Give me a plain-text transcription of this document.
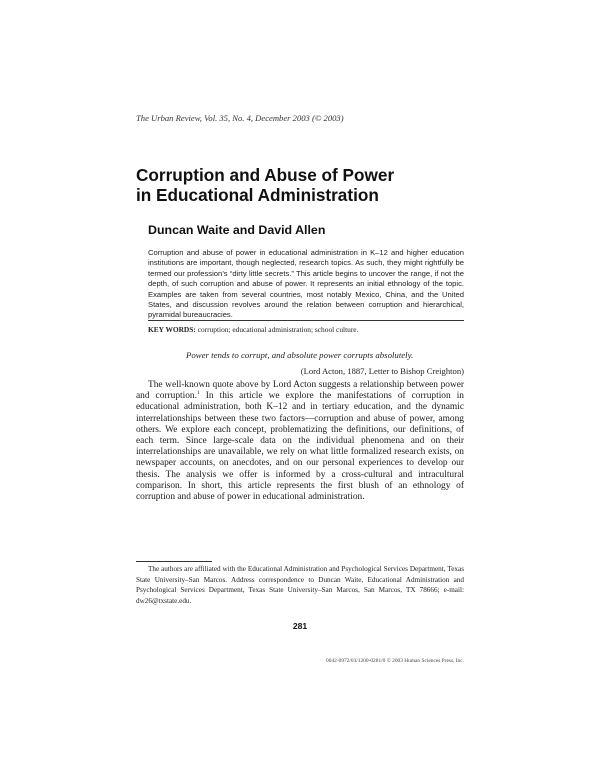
The Urban Review, Vol. 35, No. 4, December 2003 (© 2003)
Corruption and Abuse of Power
in Educational Administration
Duncan Waite and David Allen

Corruption and abuse of power in educational administration in K–12 and higher education institutions are important, though neglected, research topics. As such, they might rightfully be termed our profession’s “dirty little secrets.” This article begins to uncover the range, if not the depth, of such corruption and abuse of power. It represents an initial ethnology of the topic. Examples are taken from several countries, most notably Mexico, China, and the United States, and discussion revolves around the relation between corruption and hierarchical, pyramidal bureaucracies.

KEY WORDS: corruption; educational administration; school culture.
Power tends to corrupt, and absolute power corrupts absolutely.
(Lord Acton, 1887, Letter to Bishop Creighton)

The well-known quote above by Lord Acton suggests a relationship between power and corruption.$^1$ In this article we explore the manifestations of corruption in educational administration, both K–12 and in tertiary education, and the dynamic interrelationships between these two factors—corruption and abuse of power, among others. We explore each concept, problematizing the definitions, our definitions, of each term. Since large-scale data on the individual phenomena and on their interrelationships are unavailable, we rely on what little formalized research exists, on newspaper accounts, on anecdotes, and on our personal experiences to develop our thesis. The analysis we offer is informed by a cross-cultural and intracultural comparison. In short, this article represents the first blush of an ethnology of corruption and abuse of power in educational administration.

The authors are affiliated with the Educational Administration and Psychological Services Department, Texas State University–San Marcos. Address correspondence to Duncan Waite, Educational Administration and Psychological Services Department, Texas State University–San Marcos, San Marcos, TX 78666; e-mail: dw26@txstate.edu.

281
0042-0972/03/1200-0281/0 © 2003 Human Sciences Press, Inc.
